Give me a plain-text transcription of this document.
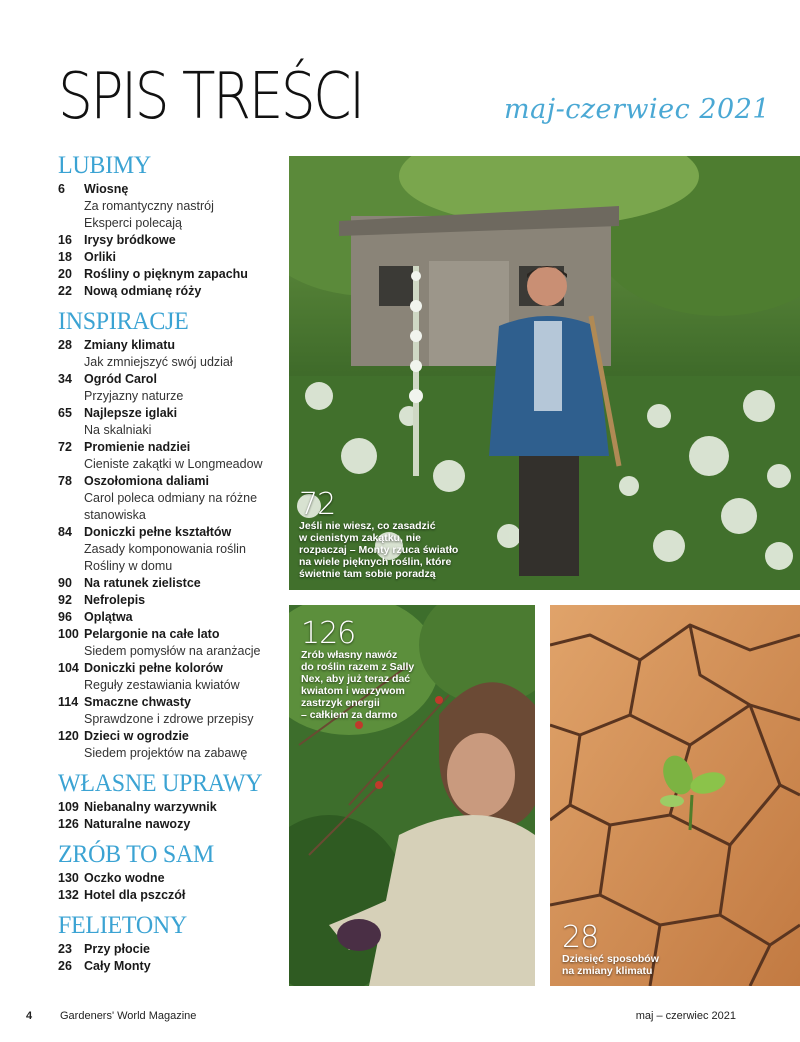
SPIS TREŚCI	maj-czerwiec 2021
LUBIMY
6	Wiosnę
Za romantyczny nastrój
Eksperci polecają
16 Irysy bródkowe
18 Orliki
20 Rośliny o pięknym zapachu
22 Nową odmianę róży
INSPIRACJE
28 Zmiany klimatu
Jak zmniejszyć swój udział
34 Ogród Carol
Przyjazny naturze
65 Najlepsze iglaki
Na skalniaki
72 Promienie nadziei
Cieniste zakątki w Longmeadow
78 Oszołomiona daliami
Carol poleca odmiany na różne
stanowiska
84 Doniczki pełne kształtów
Zasady komponowania roślin
Rośliny w domu
90 Na ratunek zielistce
92 Nefrolepis
96 Oplątwa
100 Pelargonie na całe lato
Siedem pomysłów na aranżacje
104 Doniczki pełne kolorów
Reguły zestawiania kwiatów
114 Smaczne chwasty
Sprawdzone i zdrowe przepisy
120 Dzieci w ogrodzie
Siedem projektów na zabawę
WŁASNE UPRAWY
109 Niebanalny warzywnik
126 Naturalne nawozy
ZRÓB TO SAM
130 Oczko wodne
132 Hotel dla pszczół
FELIETONY
23 Przy płocie
26 Cały Monty
72
Jeśli nie wiesz, co zasadzić
w cienistym zakątku, nie
rozpaczaj – Monty rzuca światło
na wiele pięknych roślin, które
świetnie tam sobie poradzą
126
Zrób własny nawóz
do roślin razem z Sally
Nex, aby już teraz dać
kwiatom i warzywom
zastrzyk energii
– całkiem za darmo
28
Dziesięć sposobów
na zmiany klimatu
4	Gardeners' World Magazine	maj – czerwiec 2021
